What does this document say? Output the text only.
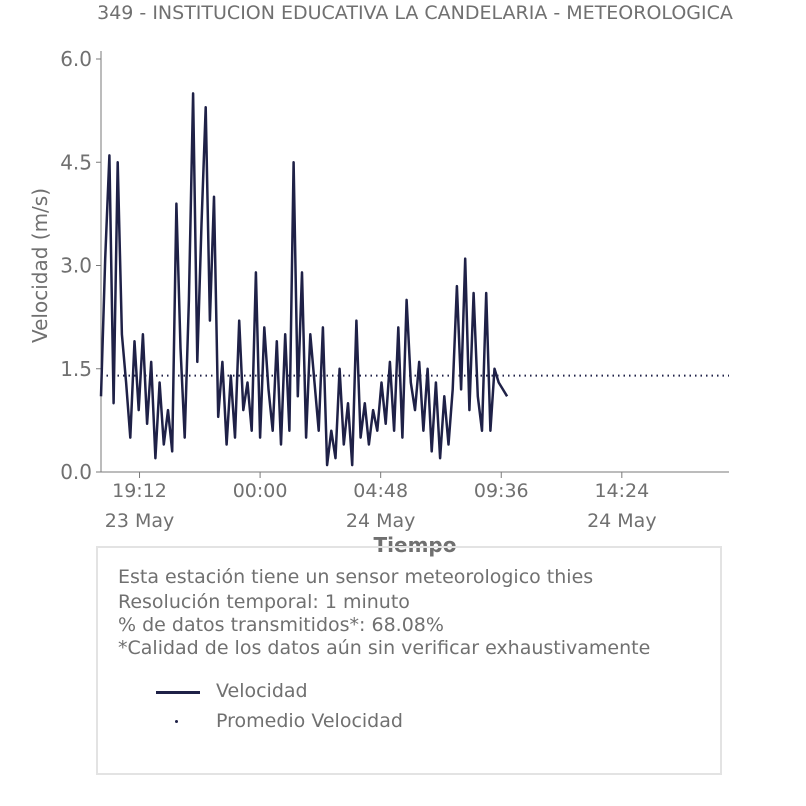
349 - INSTITUCION EDUCATIVA LA CANDELARIA - METEOROLOGICA
0.0
1.5
3.0
4.5
6.0
19:12
23 May
00:00	04:48
24 May
09:36	14:24
24 May
Velocidad (m/s)
Tiempo
Esta estación tiene un sensor meteorologico thies
Resolución temporal: 1 minuto
% de datos transmitidos*: 68.08%
*Calidad de los datos aún sin verificar exhaustivamente
Velocidad
Promedio Velocidad
